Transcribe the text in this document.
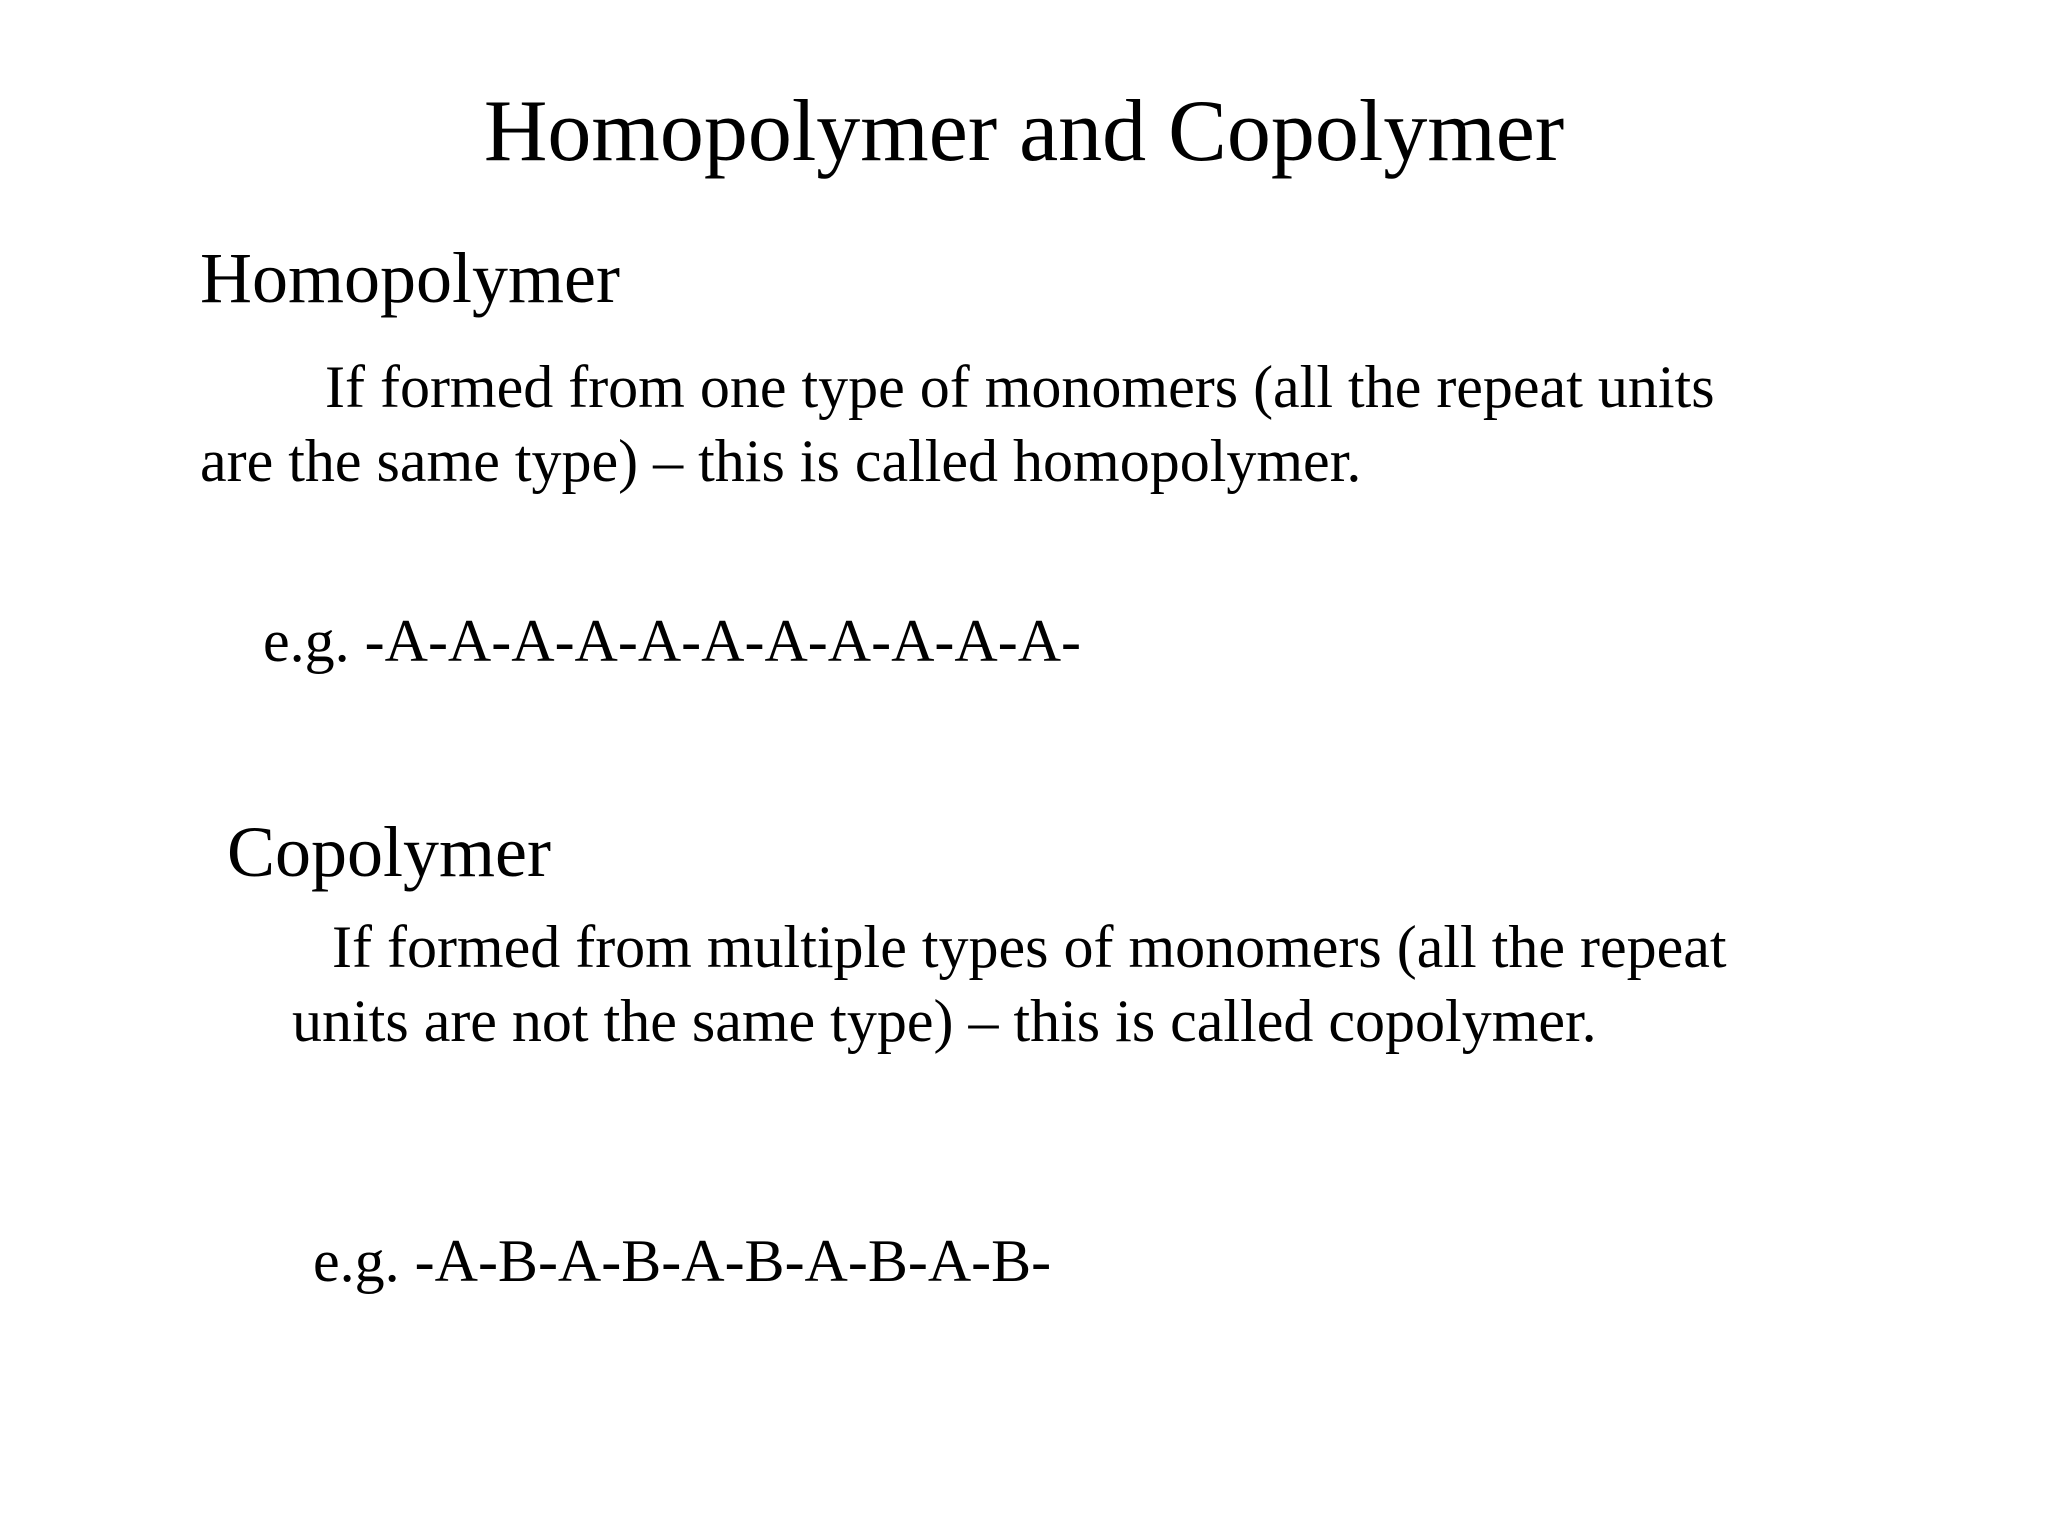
Homopolymer and Copolymer
Homopolymer

If formed from one type of monomers (all the repeat units
are the same type) – this is called homopolymer.

e.g. -A-A-A-A-A-A-A-A-A-A-A-

Copolymer

If formed from multiple types of monomers (all the repeat
units are not the same type) – this is called copolymer.

e.g. -A-B-A-B-A-B-A-B-A-B-
